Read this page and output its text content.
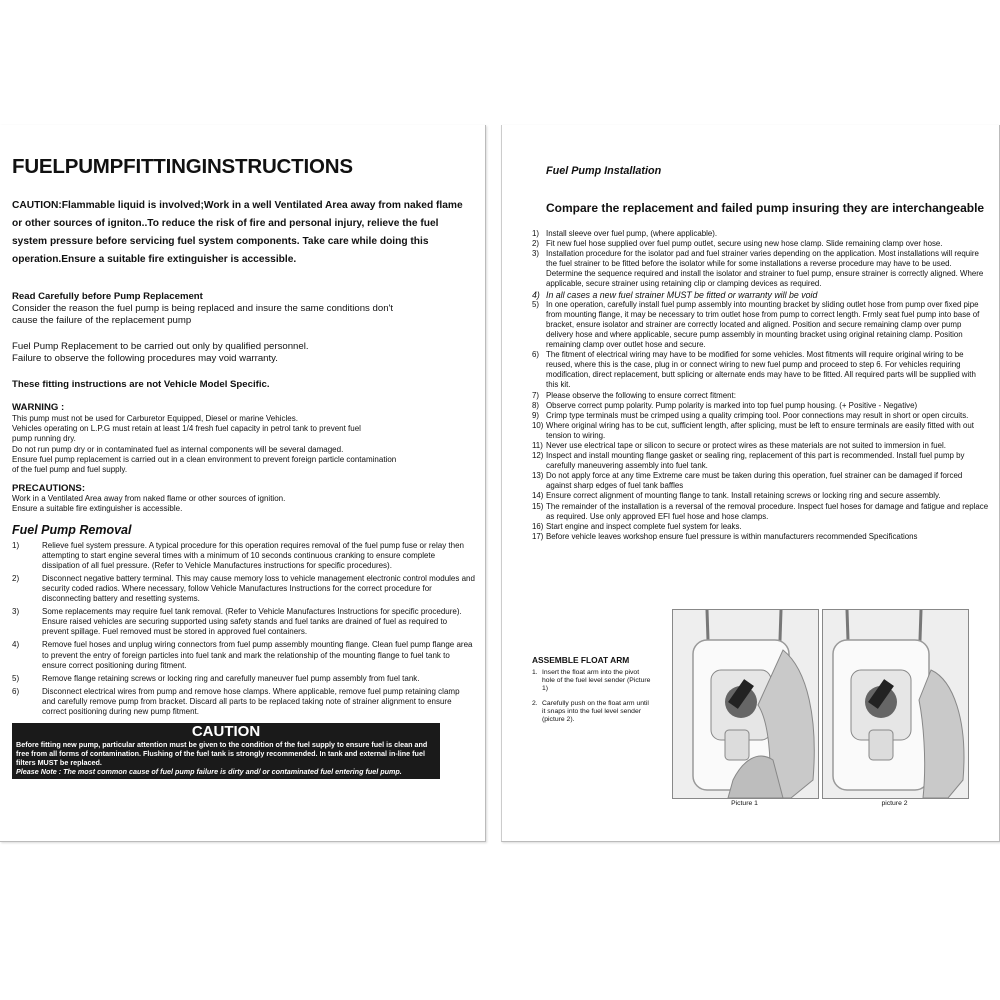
FUELPUMPFITTINGINSTRUCTIONS
CAUTION:Flammable liquid is involved;Work in a well Ventilated Area away from naked flame
or other sources of igniton..To reduce the risk of fire and personal injury, relieve the fuel
system pressure before servicing fuel system components. Take care while doing this
operation.Ensure a suitable fire extinguisher is accessible.
Read Carefully before Pump Replacement
Consider the reason the fuel pump is being replaced and insure the same conditions don't
cause the failure of the replacement pump
Fuel Pump Replacement to be carried out only by qualified personnel.
Failure to observe the following procedures may void warranty.
These fitting instructions are not Vehicle Model Specific.
WARNING :
This pump must not be used for Carburetor Equipped, Diesel or marine Vehicles.
Vehicles operating on L.P.G must retain at least 1/4 fresh fuel capacity in petrol tank to prevent fuel
pump running dry.
Do not run pump dry or in contaminated fuel as internal components will be several damaged.
Ensure fuel pump replacement is carried out in a clean environment to prevent foreign particle contamination
of the fuel pump and fuel supply.
PRECAUTIONS:
Work in a Ventilated Area away from naked flame or other sources of ignition.
Ensure a suitable fire extinguisher is accessible.
Fuel Pump Removal
1)	Relieve fuel system pressure. A typical procedure for this operation requires removal of the fuel pump fuse or relay then attempting to start engine several times with a minimum of 10 seconds continuous cranking to ensure complete dissipation of all fuel pressure. (Refer to Vehicle Manufactures instructions for specific procedures).
2)	Disconnect negative battery terminal. This may cause memory loss to vehicle management electronic control modules and security coded radios. Where necessary, follow Vehicle Manufactures Instructions for the correct procedure for disconnecting battery and resetting systems.
3)	Some replacements may require fuel tank removal. (Refer to Vehicle Manufactures Instructions for specific procedure). Ensure raised vehicles are securing supported using safety stands and fuel tanks are drained of fuel as required to prevent spillage. Fuel removed must be stored in approved fuel containers.
4)	Remove fuel hoses and unplug wiring connectors from fuel pump assembly mounting flange. Clean fuel pump flange area to prevent the entry of foreign particles into fuel tank and mark the relationship of the mounting flange to fuel tank to ensure correct positioning during fitment.
5)	Remove flange retaining screws or locking ring and carefully maneuver fuel pump assembly from fuel tank.
6)	Disconnect electrical wires from pump and remove hose clamps. Where applicable, remove fuel pump retaining clamp and carefully remove pump from bracket. Discard all parts to be replaced taking note of strainer alignment to ensure correct positioning during new pump fitment.
CAUTION
Before fitting new pump, particular attention must be given to the condition of the fuel supply to ensure fuel is clean and free from all forms of contamination. Flushing of the fuel tank is strongly recommended. In tank and external in-line fuel filters MUST be replaced.
Please Note : The most common cause of fuel pump failure is dirty and/ or contaminated fuel entering fuel pump.
Fuel Pump Installation
Compare the replacement and failed pump insuring they are interchangeable
1) Install sleeve over fuel pump, (where applicable).
2) Fit new fuel hose supplied over fuel pump outlet, secure using new hose clamp. Slide remaining clamp over hose.
3) Installation procedure for the isolator pad and fuel strainer varies depending on the application. Most installations will require the fuel strainer to be fitted before the isolator while for some installations a reverse procedure may have to be used. Determine the sequence required and install the isolator and strainer to fuel pump, ensure strainer is correctly aligned. Where applicable, secure strainer using retaining clip or clamping devices as required.
4) In all cases a new fuel strainer MUST be fitted or warranty will be void
5) In one operation, carefully install fuel pump assembly into mounting bracket by sliding outlet hose from pump over fixed pipe from mounting flange, it may be necessary to trim outlet hose from pump to correct length. Frmly seat fuel pump into base of bracket, ensure isolator and strainer are correctly located and aligned. Position and secure remaining clamp over pump delivery hose and where applicable, secure pump assembly in mounting bracket using original retaining clamp. Position remaining clamp over outlet hose and secure.
6) The fitment of electrical wiring may have to be modified for some vehicles. Most fitments will require original wiring to be reused, where this is the case, plug in or connect wiring to new fuel pump and proceed to step 6. For vehicles requiring modification, direct replacement, butt splicing or alternate ends may have to be fitted. All required parts will be supplied with this kit.
7) Please observe the following to ensure correct fitment:
8) Observe correct pump polarity. Pump polarity is marked into top fuel pump housing. (+ Positive - Negative)
9) Crimp type terminals must be crimped using a quality crimping tool. Poor connections may result in short or open circuits.
10) Where original wiring has to be cut, sufficient length, after splicing, must be left to ensure terminals are easily fitted with out tension to wiring.
11) Never use electrical tape or silicon to secure or protect wires as these materials are not suited to immersion in fuel.
12) Inspect and install mounting flange gasket or sealing ring, replacement of this part is recommended. Install fuel pump by carefully maneuvering assembly into fuel tank.
13) Do not apply force at any time Extreme care must be taken during this operation, fuel strainer can be damaged if forced against sharp edges of fuel tank baffles
14) Ensure correct alignment of mounting flange to tank. Install retaining screws or locking ring and secure assembly.
15) The remainder of the installation is a reversal of the removal procedure. Inspect fuel hoses for damage and fatigue and replace as required. Use only approved EFI fuel hose and hose clamps.
16) Start engine and inspect complete fuel system for leaks.
17) Before vehicle leaves workshop ensure fuel pressure is within manufacturers recommended Specifications
ASSEMBLE FLOAT ARM
1. Insert the float arm into the pivot hole of the fuel level sender (Picture 1)
2. Carefully push on the float arm until it snaps into the fuel level sender (picture 2).
Picture 1	picture 2
